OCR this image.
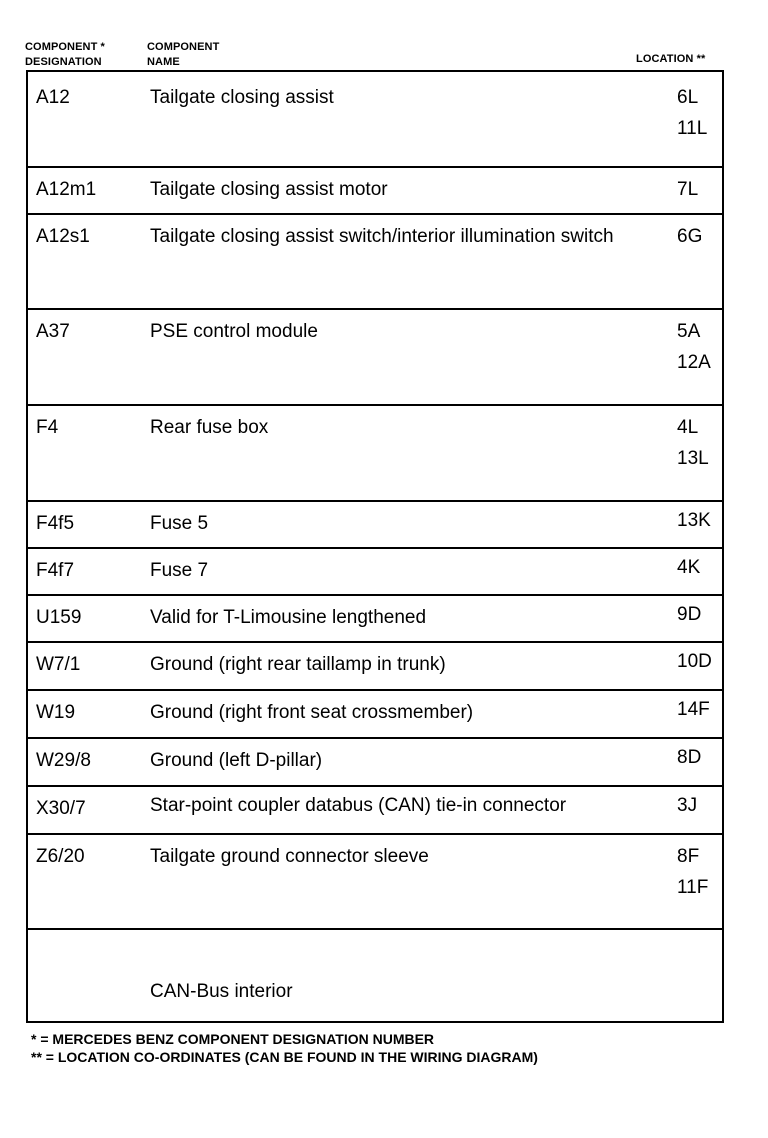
COMPONENT *
DESIGNATION
COMPONENT
NAME	LOCATION **
A12	Tailgate closing assist	6L
11L
A12m1	Tailgate closing assist motor	7L
A12s1	Tailgate closing assist switch/interior illumination switch	6G
A37	PSE control module	5A
12A
F4	Rear fuse box	4L
13L
F4f5	Fuse 5	13K
F4f7	Fuse 7	4K
U159	Valid for T-Limousine lengthened	9D
W7/1	Ground (right rear taillamp in trunk)	10D
W19	Ground (right front seat crossmember)	14F
W29/8	Ground (left D-pillar)	8D
X30/7	Star-point coupler databus (CAN) tie-in connector	3J
Z6/20	Tailgate ground connector sleeve	8F
11F
CAN-Bus interior
* = MERCEDES BENZ COMPONENT DESIGNATION NUMBER
** = LOCATION CO-ORDINATES (CAN BE FOUND IN THE WIRING DIAGRAM)
